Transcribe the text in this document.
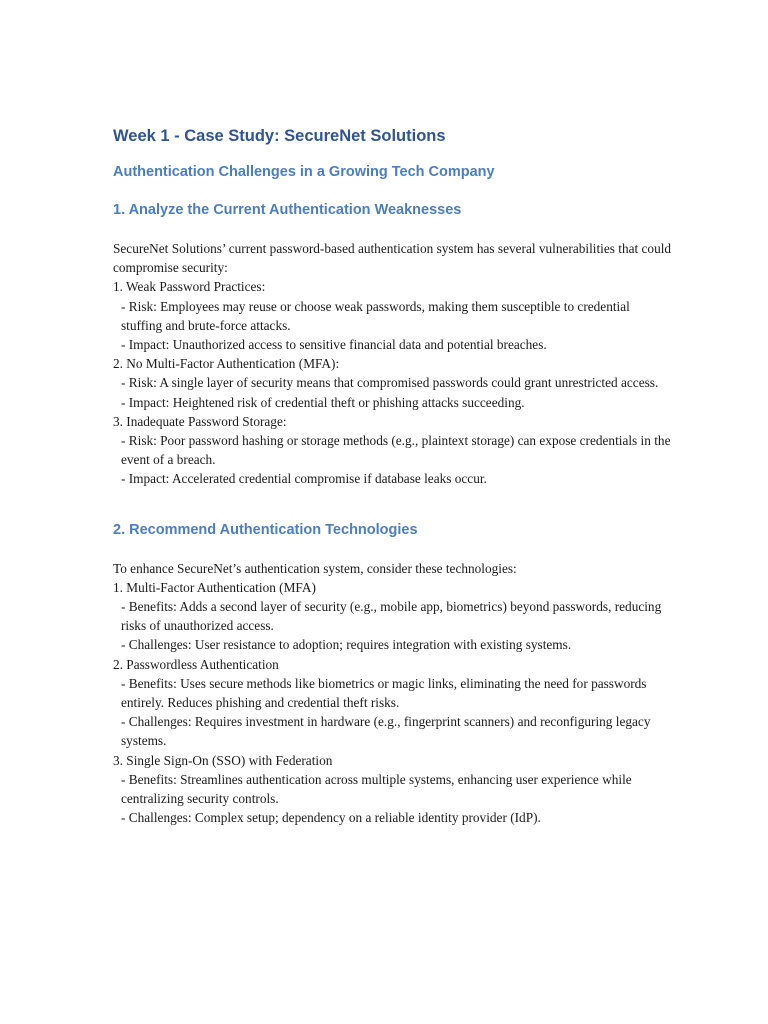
Week 1 - Case Study: SecureNet Solutions
Authentication Challenges in a Growing Tech Company
1. Analyze the Current Authentication Weaknesses

SecureNet Solutions’ current password-based authentication system has several vulnerabilities that could compromise security:

1. Weak Password Practices:

- Risk: Employees may reuse or choose weak passwords, making them susceptible to credential stuffing and brute-force attacks.

- Impact: Unauthorized access to sensitive financial data and potential breaches.

2. No Multi-Factor Authentication (MFA):

- Risk: A single layer of security means that compromised passwords could grant unrestricted access.

- Impact: Heightened risk of credential theft or phishing attacks succeeding.

3. Inadequate Password Storage:

- Risk: Poor password hashing or storage methods (e.g., plaintext storage) can expose credentials in the event of a breach.

- Impact: Accelerated credential compromise if database leaks occur.

2. Recommend Authentication Technologies

To enhance SecureNet’s authentication system, consider these technologies:

1. Multi-Factor Authentication (MFA)

- Benefits: Adds a second layer of security (e.g., mobile app, biometrics) beyond passwords, reducing risks of unauthorized access.

- Challenges: User resistance to adoption; requires integration with existing systems.

2. Passwordless Authentication

- Benefits: Uses secure methods like biometrics or magic links, eliminating the need for passwords entirely. Reduces phishing and credential theft risks.

- Challenges: Requires investment in hardware (e.g., fingerprint scanners) and reconfiguring legacy systems.

3. Single Sign-On (SSO) with Federation

- Benefits: Streamlines authentication across multiple systems, enhancing user experience while centralizing security controls.

- Challenges: Complex setup; dependency on a reliable identity provider (IdP).
